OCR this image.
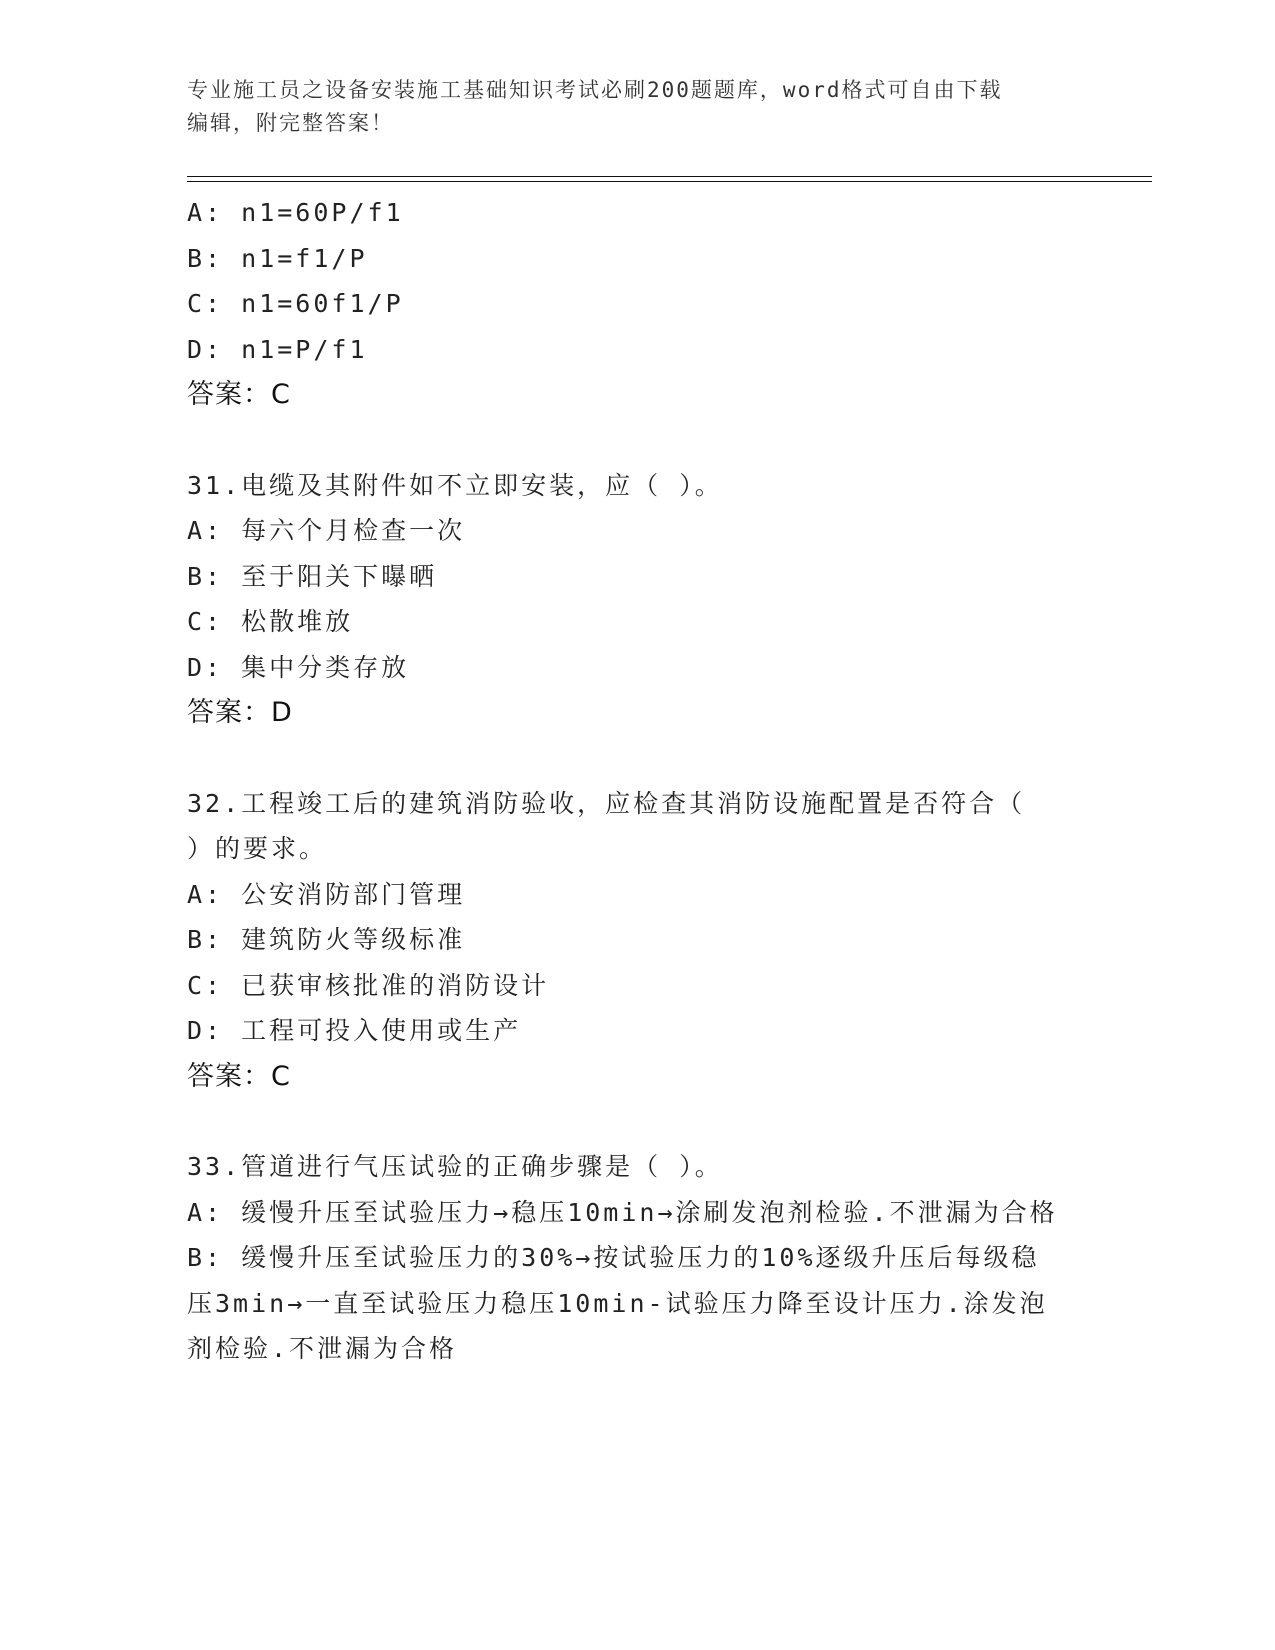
专业施工员之设备安装施工基础知识考试必刷200题题库，word格式可自由下载
编辑，附完整答案！

A: n1=60P/f1

B: n1=f1/P

C: n1=60f1/P

D: n1=P/f1

答案：C

31.电缆及其附件如不立即安装，应（ ）。

A: 每六个月检查一次

B: 至于阳关下曝晒

C: 松散堆放

D: 集中分类存放

答案：D

32.工程竣工后的建筑消防验收，应检查其消防设施配置是否符合（

）的要求。

A: 公安消防部门管理

B: 建筑防火等级标准

C: 已获审核批准的消防设计

D: 工程可投入使用或生产

答案：C

33.管道进行气压试验的正确步骤是（ ）。

A: 缓慢升压至试验压力→稳压10min→涂刷发泡剂检验.不泄漏为合格

B: 缓慢升压至试验压力的30%→按试验压力的10%逐级升压后每级稳

压3min→一直至试验压力稳压10min-试验压力降至设计压力.涂发泡

剂检验.不泄漏为合格
